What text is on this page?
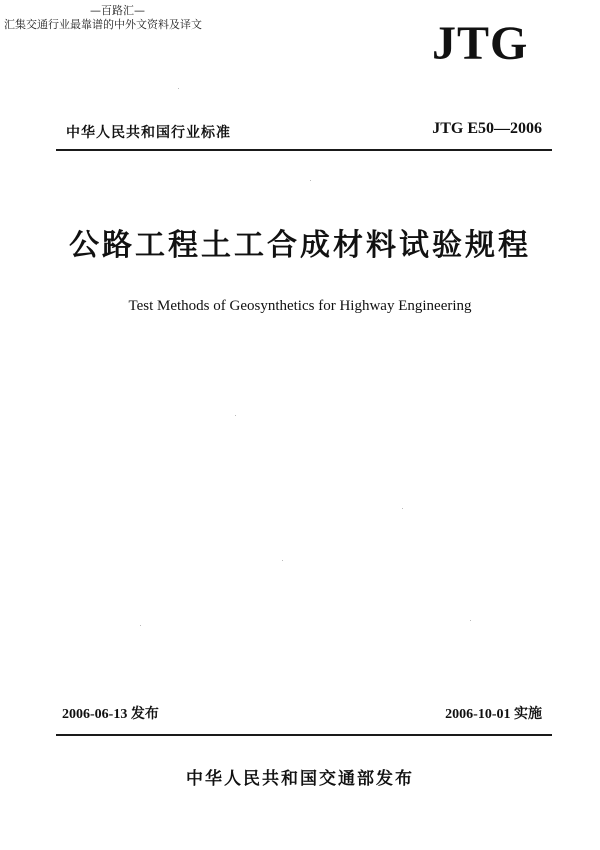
—百路汇—
汇集交通行业最靠谱的中外文资料及译文	JTG
中华人民共和国行业标准	JTG E50—2006
公路工程土工合成材料试验规程
Test Methods of Geosynthetics for Highway Engineering
2006-06-13 发布	2006-10-01 实施
中华人民共和国交通部发布
